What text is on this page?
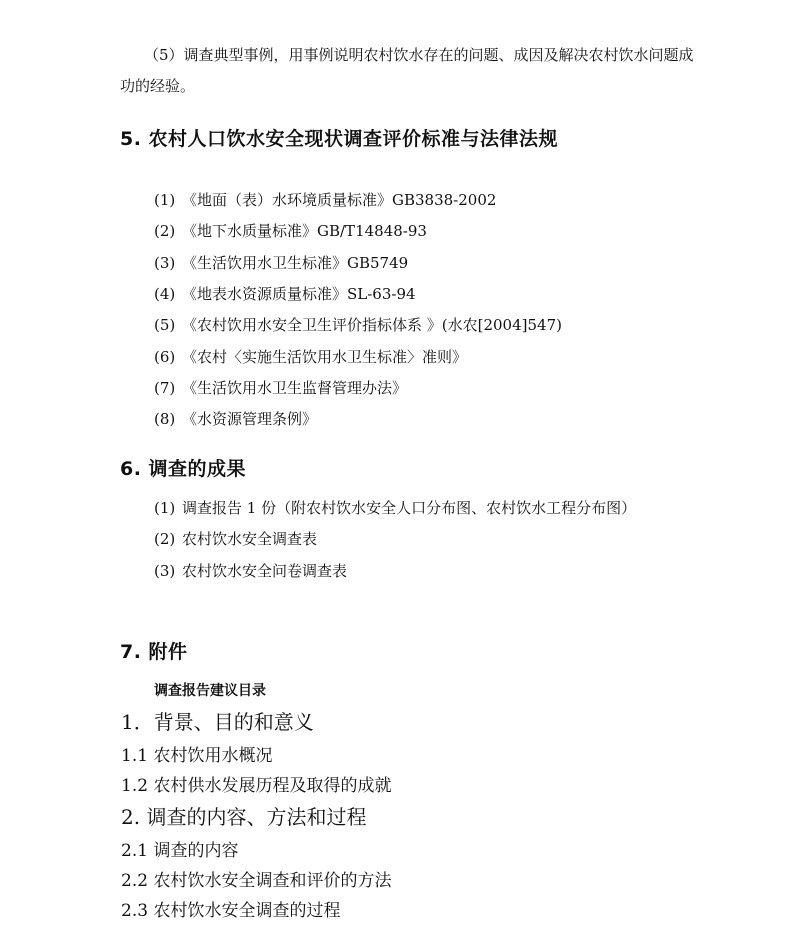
（5）调查典型事例，用事例说明农村饮水存在的问题、成因及解决农村饮水问题成
功的经验。
5. 农村人口饮水安全现状调查评价标准与法律法规

(1) 《地面（表）水环境质量标准》GB3838-2002

(2) 《地下水质量标准》GB/T14848-93

(3) 《生活饮用水卫生标准》GB5749

(4) 《地表水资源质量标准》SL-63-94

(5) 《农村饮用水安全卫生评价指标体系 》(水农[2004]547)

(6) 《农村〈实施生活饮用水卫生标准〉准则》

(7) 《生活饮用水卫生监督管理办法》

(8) 《水资源管理条例》

6. 调查的成果

(1) 调查报告 1 份（附农村饮水安全人口分布图、农村饮水工程分布图）

(2) 农村饮水安全调查表

(3) 农村饮水安全问卷调查表

7. 附件

调查报告建议目录

1．背景、目的和意义

1.1 农村饮用水概况

1.2 农村供水发展历程及取得的成就

2. 调查的内容、方法和过程

2.1 调查的内容

2.2 农村饮水安全调查和评价的方法

2.3 农村饮水安全调查的过程
